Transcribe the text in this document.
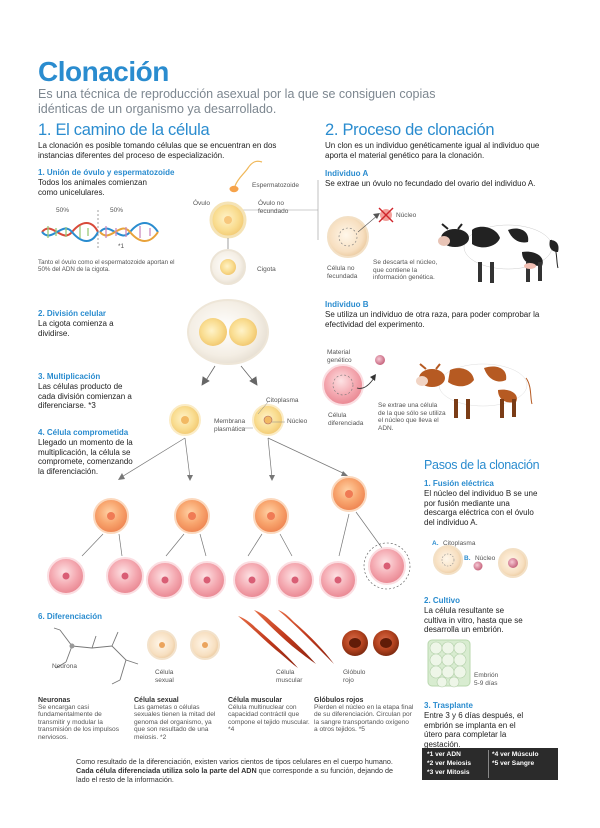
Clonación
Es una técnica de reproducción asexual por la que se consiguen copias idénticas de un organismo ya desarrollado.
1. El camino de la célula
La clonación es posible tomando células que se encuentran en dos instancias diferentes del proceso de especialización.
1. Unión de óvulo y espermatozoide
Todos los animales comienzan como unicelulares.
50%	50%
*1
Tanto el óvulo como el espermatozoide aportan el 50% del ADN de la cigota.
Espermatozoide
Óvulo	Óvulo no fecundado
Cigota
2. División celular
La cigota comienza a dividirse.
3. Multiplicación
Las células producto de cada división comienzan a diferenciarse. *3
Citoplasma
Membrana plasmática
Núcleo
4. Célula comprometida
Llegado un momento de la multiplicación, la célula se compromete, comenzando la diferenciación.
6. Diferenciación
Neurona
Célula sexual
Célula muscular
Glóbulo rojo
Neuronas
Se encargan casi fundamentalmente de transmitir y modular la transmisión de los impulsos nerviosos.
Célula sexual
Las gametas o células sexuales tienen la mitad del genoma del organismo, ya que son resultado de una meiosis. *2
Célula muscular
Célula multinuclear con capacidad contráctil que compone el tejido muscular. *4
Glóbulos rojos
Pierden el núcleo en la etapa final de su diferenciación. Circulan por la sangre transportando oxígeno a otros tejidos. *5
Como resultado de la diferenciación, existen varios cientos de tipos celulares en el cuerpo humano. Cada célula diferenciada utiliza solo la parte del ADN que corresponde a su función, dejando de lado el resto de la información.
2. Proceso de clonación
Un clon es un individuo genéticamente igual al individuo que aporta el material genético para la clonación.
Individuo A
Se extrae un óvulo no fecundado del ovario del individuo A.
Núcleo
Célula no fecundada
Se descarta el núcleo, que contiene la información genética.
Individuo B
Se utiliza un individuo de otra raza, para poder comprobar la efectividad del experimento.
Material genético
Célula diferenciada
Se extrae una célula de la que sólo se utiliza el núcleo que lleva el ADN.
Pasos de la clonación
1. Fusión eléctrica
El núcleo del individuo B se une por fusión mediante una descarga eléctrica con el óvulo del individuo A.
A. Citoplasma
B. Núcleo
2. Cultivo
La célula resultante se cultiva in vitro, hasta que se desarrolla un embrión.
Embrión 5-9 días
3. Trasplante
Entre 3 y 6 días después, el embrión se implanta en el útero para completar la gestación.
*1 ver ADN
*2 ver Meiosis
*3 ver Mitosis
*4 ver Músculo
*5 ver Sangre
